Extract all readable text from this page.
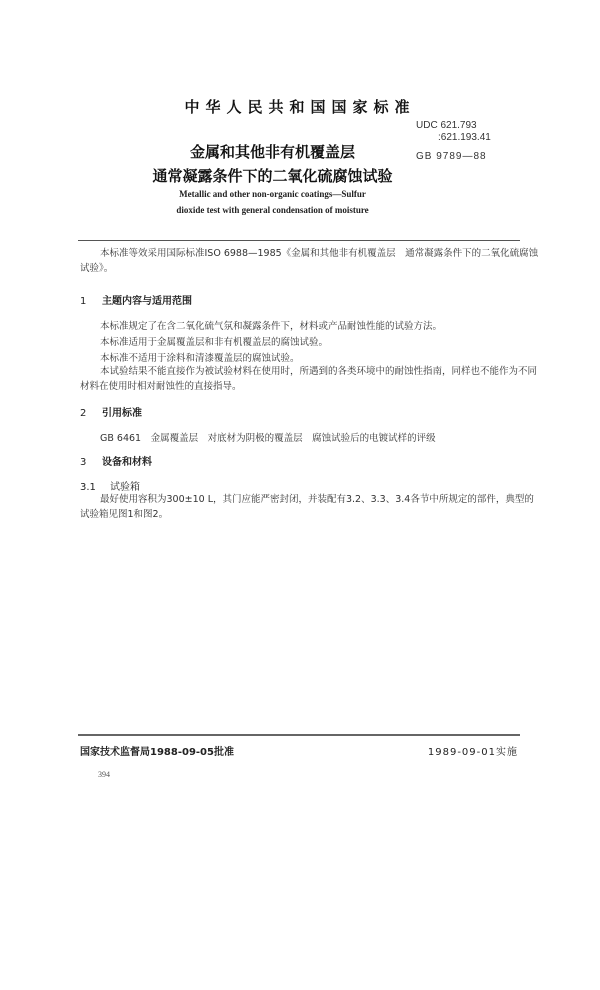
中华人民共和国国家标准
UDC 621.793
:621.193.41
GB 9789—88
金属和其他非有机覆盖层
通常凝露条件下的二氧化硫腐蚀试验
Metallic and other non-organic coatings—Sulfur
dioxide test with general condensation of moisture
本标准等效采用国际标准ISO 6988—1985《金属和其他非有机覆盖层　通常凝露条件下的二氧化硫腐蚀试验》。
1 主题内容与适用范围
本标准规定了在含二氧化硫气氛和凝露条件下，材料或产品耐蚀性能的试验方法。
本标准适用于金属覆盖层和非有机覆盖层的腐蚀试验。
本标准不适用于涂料和清漆覆盖层的腐蚀试验。
本试验结果不能直接作为被试验材料在使用时，所遇到的各类环境中的耐蚀性指南，同样也不能作为不同材料在使用时相对耐蚀性的直接指导。
2 引用标准
GB 6461　金属覆盖层　对底材为阴极的覆盖层　腐蚀试验后的电镀试样的评级
3 设备和材料
3.1 试验箱
最好使用容积为300±10 L，其门应能严密封闭，并装配有3.2、3.3、3.4各节中所规定的部件，典型的试验箱见图1和图2。
国家技术监督局1988-09-05批准	1989-09-01实施
394
